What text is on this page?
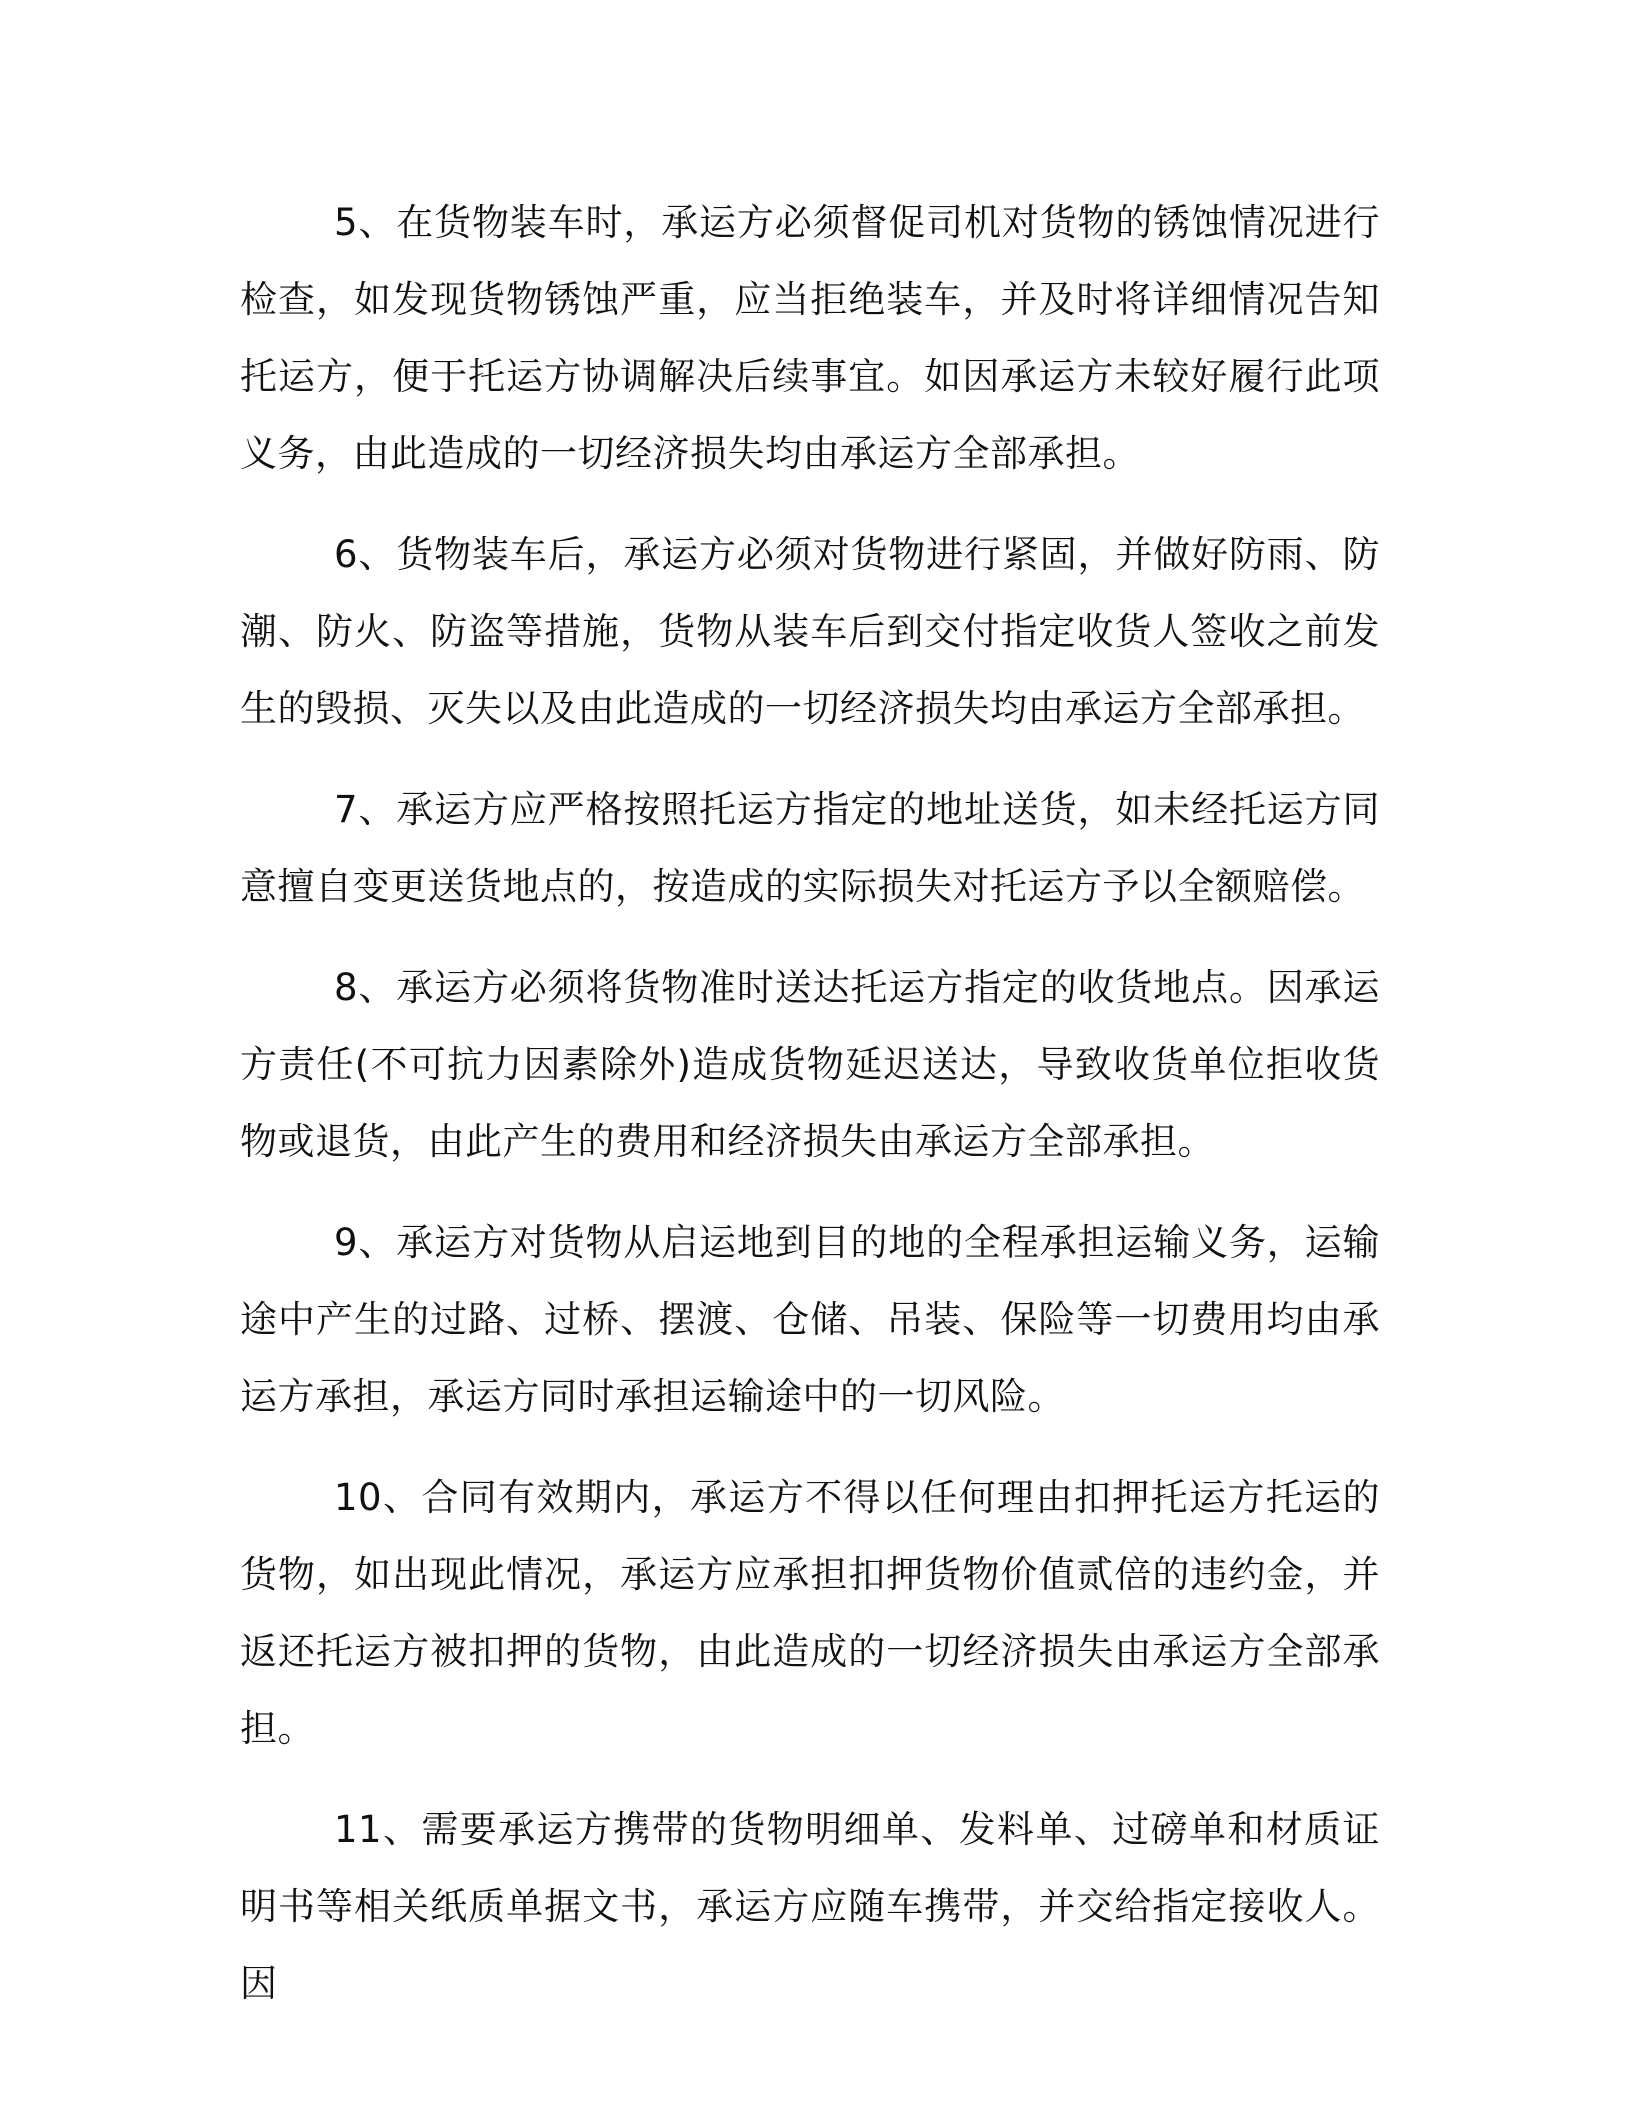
5、在货物装车时，承运方必须督促司机对货物的锈蚀情况进行检查，如发现货物锈蚀严重，应当拒绝装车，并及时将详细情况告知托运方，便于托运方协调解决后续事宜。如因承运方未较好履行此项义务，由此造成的一切经济损失均由承运方全部承担。

6、货物装车后，承运方必须对货物进行紧固，并做好防雨、防潮、防火、防盗等措施，货物从装车后到交付指定收货人签收之前发生的毁损、灭失以及由此造成的一切经济损失均由承运方全部承担。

7、承运方应严格按照托运方指定的地址送货，如未经托运方同意擅自变更送货地点的，按造成的实际损失对托运方予以全额赔偿。

8、承运方必须将货物准时送达托运方指定的收货地点。因承运方责任(不可抗力因素除外)造成货物延迟送达，导致收货单位拒收货物或退货，由此产生的费用和经济损失由承运方全部承担。

9、承运方对货物从启运地到目的地的全程承担运输义务，运输途中产生的过路、过桥、摆渡、仓储、吊装、保险等一切费用均由承运方承担，承运方同时承担运输途中的一切风险。

10、合同有效期内，承运方不得以任何理由扣押托运方托运的货物，如出现此情况，承运方应承担扣押货物价值贰倍的违约金，并返还托运方被扣押的货物，由此造成的一切经济损失由承运方全部承担。

11、需要承运方携带的货物明细单、发料单、过磅单和材质证明书等相关纸质单据文书，承运方应随车携带，并交给指定接收人。因
